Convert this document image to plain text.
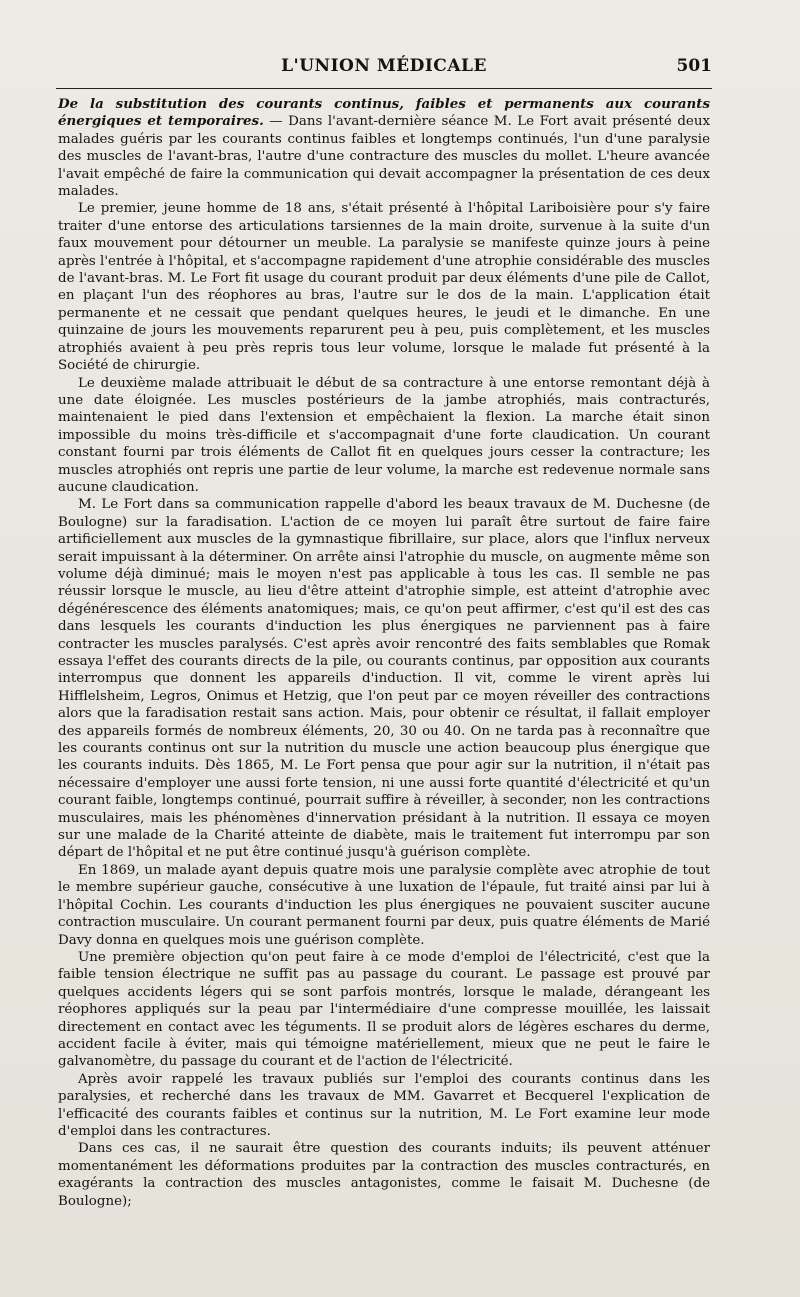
L'UNION MÉDICALE	501

De la substitution des courants continus, faibles et permanents aux courants énergiques et temporaires. — Dans l'avant-dernière séance M. Le Fort avait présenté deux malades guéris par les courants continus faibles et longtemps continués, l'un d'une paralysie des muscles de l'avant-bras, l'autre d'une contracture des muscles du mollet. L'heure avancée l'avait empêché de faire la communication qui devait accompagner la présentation de ces deux malades.

Le premier, jeune homme de 18 ans, s'était présenté à l'hôpital Lariboisière pour s'y faire traiter d'une entorse des articulations tarsiennes de la main droite, survenue à la suite d'un faux mouvement pour détourner un meuble. La paralysie se manifeste quinze jours à peine après l'entrée à l'hôpital, et s'accompagne rapidement d'une atrophie considérable des muscles de l'avant-bras. M. Le Fort fit usage du courant produit par deux éléments d'une pile de Callot, en plaçant l'un des réophores au bras, l'autre sur le dos de la main. L'application était permanente et ne cessait que pendant quelques heures, le jeudi et le dimanche. En une quinzaine de jours les mouvements reparurent peu à peu, puis complètement, et les muscles atrophiés avaient à peu près repris tous leur volume, lorsque le malade fut présenté à la Société de chirurgie.

Le deuxième malade attribuait le début de sa contracture à une entorse remontant déjà à une date éloignée. Les muscles postérieurs de la jambe atrophiés, mais contracturés, maintenaient le pied dans l'extension et empêchaient la flexion. La marche était sinon impossible du moins très-difficile et s'accompagnait d'une forte claudication. Un courant constant fourni par trois éléments de Callot fit en quelques jours cesser la contracture; les muscles atrophiés ont repris une partie de leur volume, la marche est redevenue normale sans aucune claudication.

M. Le Fort dans sa communication rappelle d'abord les beaux travaux de M. Duchesne (de Boulogne) sur la faradisation. L'action de ce moyen lui paraît être surtout de faire faire artificiellement aux muscles de la gymnastique fibrillaire, sur place, alors que l'influx nerveux serait impuissant à la déterminer. On arrête ainsi l'atrophie du muscle, on augmente même son volume déjà diminué; mais le moyen n'est pas applicable à tous les cas. Il semble ne pas réussir lorsque le muscle, au lieu d'être atteint d'atrophie simple, est atteint d'atrophie avec dégénérescence des éléments anatomiques; mais, ce qu'on peut affirmer, c'est qu'il est des cas dans lesquels les courants d'induction les plus énergiques ne parviennent pas à faire contracter les muscles paralysés. C'est après avoir rencontré des faits semblables que Romak essaya l'effet des courants directs de la pile, ou courants continus, par opposition aux courants interrompus que donnent les appareils d'induction. Il vit, comme le virent après lui Hifflelsheim, Legros, Onimus et Hetzig, que l'on peut par ce moyen réveiller des contractions alors que la faradisation restait sans action. Mais, pour obtenir ce résultat, il fallait employer des appareils formés de nombreux éléments, 20, 30 ou 40. On ne tarda pas à reconnaître que les courants continus ont sur la nutrition du muscle une action beaucoup plus énergique que les courants induits. Dès 1865, M. Le Fort pensa que pour agir sur la nutrition, il n'était pas nécessaire d'employer une aussi forte tension, ni une aussi forte quantité d'électricité et qu'un courant faible, longtemps continué, pourrait suffire à réveiller, à seconder, non les contractions musculaires, mais les phénomènes d'innervation présidant à la nutrition. Il essaya ce moyen sur une malade de la Charité atteinte de diabète, mais le traitement fut interrompu par son départ de l'hôpital et ne put être continué jusqu'à guérison complète.

En 1869, un malade ayant depuis quatre mois une paralysie complète avec atrophie de tout le membre supérieur gauche, consécutive à une luxation de l'épaule, fut traité ainsi par lui à l'hôpital Cochin. Les courants d'induction les plus énergiques ne pouvaient susciter aucune contraction musculaire. Un courant permanent fourni par deux, puis quatre éléments de Marié Davy donna en quelques mois une guérison complète.

Une première objection qu'on peut faire à ce mode d'emploi de l'électricité, c'est que la faible tension électrique ne suffit pas au passage du courant. Le passage est prouvé par quelques accidents légers qui se sont parfois montrés, lorsque le malade, dérangeant les réophores appliqués sur la peau par l'intermédiaire d'une compresse mouillée, les laissait directement en contact avec les téguments. Il se produit alors de légères eschares du derme, accident facile à éviter, mais qui témoigne matériellement, mieux que ne peut le faire le galvanomètre, du passage du courant et de l'action de l'électricité.

Après avoir rappelé les travaux publiés sur l'emploi des courants continus dans les paralysies, et recherché dans les travaux de MM. Gavarret et Becquerel l'explication de l'efficacité des courants faibles et continus sur la nutrition, M. Le Fort examine leur mode d'emploi dans les contractures.

Dans ces cas, il ne saurait être question des courants induits; ils peuvent atténuer momentanément les déformations produites par la contraction des muscles contracturés, en exagérants la contraction des muscles antagonistes, comme le faisait M. Duchesne (de Boulogne);
